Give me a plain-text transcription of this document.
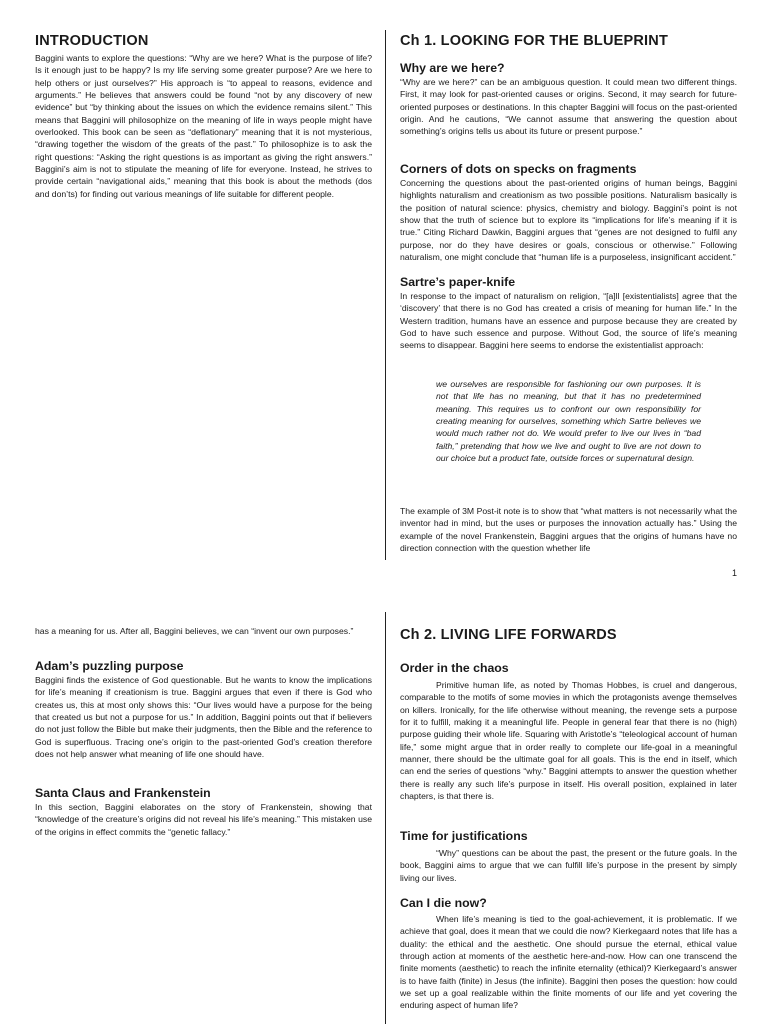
INTRODUCTION

Baggini wants to explore the questions: “Why are we here? What is the purpose of life? Is it enough just to be happy? Is my life serving some greater purpose? Are we here to help others or just ourselves?” His approach is “to appeal to reasons, evidence and arguments.” He believes that answers could be found “not by any discovery of new evidence” but “by thinking about the issues on which the evidence remains silent.” This means that Baggini will philosophize on the meaning of life in ways people might have overlooked. This book can be seen as “deflationary” meaning that it is not mysterious, “drawing together the wisdom of the greats of the past.” To philosophize is to ask the right questions: “Asking the right questions is as important as giving the right answers.” Baggini’s aim is not to stipulate the meaning of life for everyone. Instead, he strives to provide certain “navigational aids,” meaning that this book is about the methods (dos and don’ts) for finding out various meanings of life suitable for different people.

Ch 1. LOOKING FOR THE BLUEPRINT
Why are we here?

“Why are we here?” can be an ambiguous question. It could mean two different things. First, it may look for past-oriented causes or origins. Second, it may search for future-oriented purposes or destinations. In this chapter Baggini will focus on the past-oriented origin. And he cautions, “We cannot assume that answering the question about something’s origins tells us about its future or present purpose.”

Corners of dots on specks on fragments

Concerning the questions about the past-oriented origins of human beings, Baggini highlights naturalism and creationism as two possible positions. Naturalism basically is the position of natural science: physics, chemistry and biology. Baggini’s point is not show that the truth of science but to explore its “implications for life’s meaning if it is true.” Citing Richard Dawkin, Baggini argues that “genes are not designed to fulfil any purpose, nor do they have desires or goals, conscious or otherwise.” Following naturalism, one might conclude that “human life is a purposeless, insignificant accident.”

Sartre’s paper-knife

In response to the impact of naturalism on religion, “[a]ll [existentialists] agree that the ‘discovery’ that there is no God has created a crisis of meaning for human life.” In the Western tradition, humans have an essence and purpose because they are created by God to have such essence and purpose. Without God, the source of life’s meaning seems to disappear. Baggini here seems to endorse the existentialist approach:

we ourselves are responsible for fashioning our own purposes. It is not that life has no meaning, but that it has no predetermined meaning. This requires us to confront our own responsibility for creating meaning for ourselves, something which Sartre believes we would much rather not do. We would prefer to live our lives in “bad faith,” pretending that how we live and ought to live are not down to our choice but a product fate, outside forces or supernatural design.

The example of 3M Post-it note is to show that “what matters is not necessarily what the inventor had in mind, but the uses or purposes the innovation actually has.” Using the example of the novel Frankenstein, Baggini argues that the origins of humans have no direction connection with the question whether life

1

has a meaning for us. After all, Baggini believes, we can “invent our own purposes.”

Adam’s puzzling purpose

Baggini finds the existence of God questionable. But he wants to know the implications for life’s meaning if creationism is true. Baggini argues that even if there is God who creates us, this at most only shows this: “Our lives would have a purpose for the being that created us but not a purpose for us.” In addition, Baggini points out that if believers do not just follow the Bible but make their judgments, then the Bible and the reference to God is superfluous. Tracing one’s origin to the past-oriented God’s creation therefore does not help answer what meaning of life one should have.

Santa Claus and Frankenstein

In this section, Baggini elaborates on the story of Frankenstein, showing that “knowledge of the creature’s origins did not reveal his life’s meaning.” This mistaken use of the origins in effect commits the “genetic fallacy.”

Ch 2. LIVING LIFE FORWARDS
Order in the chaos

Primitive human life, as noted by Thomas Hobbes, is cruel and dangerous, comparable to the motifs of some movies in which the protagonists avenge themselves on killers. Ironically, for the life otherwise without meaning, the revenge sets a purpose for it to fulfill, making it a meaningful life. People in general fear that there is no (high) purpose guiding their whole life. Squaring with Aristotle’s “teleological account of human life,” some might argue that in order really to complete our life-goal in a meaningful manner, there should be the ultimate goal for all goals. This is the end in itself, which can end the series of questions “why.” Baggini attempts to answer the question whether there is really any such life’s purpose in itself. His overall position, explained in later chapters, is that there is.

Time for justifications

“Why” questions can be about the past, the present or the future goals. In the book, Baggini aims to argue that we can fulfill life’s purpose in the present by simply living our lives.

Can I die now?

When life’s meaning is tied to the goal-achievement, it is problematic. If we achieve that goal, does it mean that we could die now? Kierkegaard notes that life has a duality: the ethical and the aesthetic. One should pursue the eternal, ethical value through action at moments of the aesthetic here-and-now. How can one transcend the finite moments (aesthetic) to reach the infinite eternality (ethical)? Kierkegaard’s answer is to have faith (finite) in Jesus (the infinite). Baggini then poses the question: how could we set up a goal realizable within the finite moments of our life and yet covering the enduring aspect of human life?
